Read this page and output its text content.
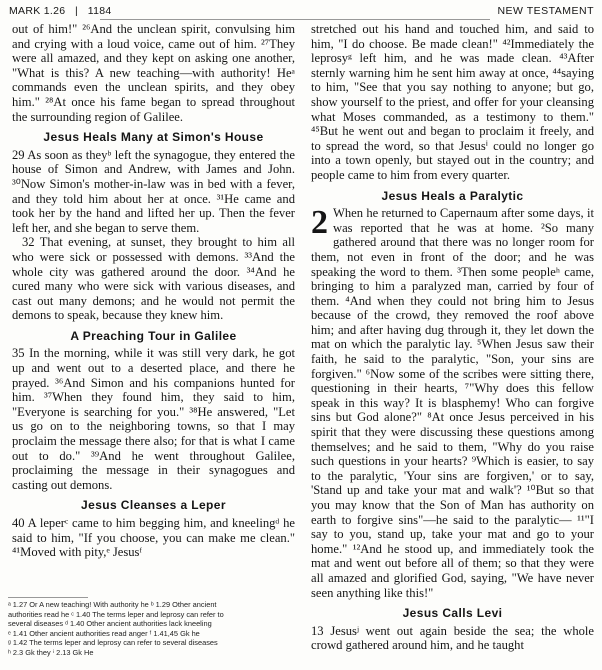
MARK 1.26   |   1184	NEW TESTAMENT

out of him!" ²⁶And the unclean spirit, convulsing him and crying with a loud voice, came out of him. ²⁷They were all amazed, and they kept on asking one another, "What is this? A new teaching—with authority! Heᵃ commands even the unclean spirits, and they obey him." ²⁸At once his fame began to spread throughout the surrounding region of Galilee.

Jesus Heals Many at Simon's House

29 As soon as theyᵇ left the synagogue, they entered the house of Simon and Andrew, with James and John. ³⁰Now Simon's mother-in-law was in bed with a fever, and they told him about her at once. ³¹He came and took her by the hand and lifted her up. Then the fever left her, and she began to serve them.

32 That evening, at sunset, they brought to him all who were sick or possessed with demons. ³³And the whole city was gathered around the door. ³⁴And he cured many who were sick with various diseases, and cast out many demons; and he would not permit the demons to speak, because they knew him.

A Preaching Tour in Galilee

35 In the morning, while it was still very dark, he got up and went out to a deserted place, and there he prayed. ³⁶And Simon and his companions hunted for him. ³⁷When they found him, they said to him, "Everyone is searching for you." ³⁸He answered, "Let us go on to the neighboring towns, so that I may proclaim the message there also; for that is what I came out to do." ³⁹And he went throughout Galilee, proclaiming the message in their synagogues and casting out demons.

Jesus Cleanses a Leper

40 A leperᶜ came to him begging him, and kneelingᵈ he said to him, "If you choose, you can make me clean." ⁴¹Moved with pity,ᵉ Jesusᶠ

stretched out his hand and touched him, and said to him, "I do choose. Be made clean!" ⁴²Immediately the leprosyᵍ left him, and he was made clean. ⁴³After sternly warning him he sent him away at once, ⁴⁴saying to him, "See that you say nothing to anyone; but go, show yourself to the priest, and offer for your cleansing what Moses commanded, as a testimony to them." ⁴⁵But he went out and began to proclaim it freely, and to spread the word, so that Jesusⁱ could no longer go into a town openly, but stayed out in the country; and people came to him from every quarter.

Jesus Heals a Paralytic

2 When he returned to Capernaum after some days, it was reported that he was at home. ²So many gathered around that there was no longer room for them, not even in front of the door; and he was speaking the word to them. ³Then some peopleʰ came, bringing to him a paralyzed man, carried by four of them. ⁴And when they could not bring him to Jesus because of the crowd, they removed the roof above him; and after having dug through it, they let down the mat on which the paralytic lay. ⁵When Jesus saw their faith, he said to the paralytic, "Son, your sins are forgiven." ⁶Now some of the scribes were sitting there, questioning in their hearts, ⁷"Why does this fellow speak in this way? It is blasphemy! Who can forgive sins but God alone?" ⁸At once Jesus perceived in his spirit that they were discussing these questions among themselves; and he said to them, "Why do you raise such questions in your hearts? ⁹Which is easier, to say to the paralytic, 'Your sins are forgiven,' or to say, 'Stand up and take your mat and walk'? ¹⁰But so that you may know that the Son of Man has authority on earth to forgive sins"—he said to the paralytic— ¹¹"I say to you, stand up, take your mat and go to your home." ¹²And he stood up, and immediately took the mat and went out before all of them; so that they were all amazed and glorified God, saying, "We have never seen anything like this!"

Jesus Calls Levi

13 Jesusʲ went out again beside the sea; the whole crowd gathered around him, and he taught

ᵃ 1.27 Or A new teaching! With authority he ᵇ 1.29 Other ancient
authorities read he ᶜ 1.40 The terms leper and leprosy can refer to
several diseases ᵈ 1.40 Other ancient authorities lack kneeling
ᵉ 1.41 Other ancient authorities read anger ᶠ 1.41,45 Gk he
ᵍ 1.42 The terms leper and leprosy can refer to several diseases
ʰ 2.3 Gk they ⁱ 2.13 Gk He
